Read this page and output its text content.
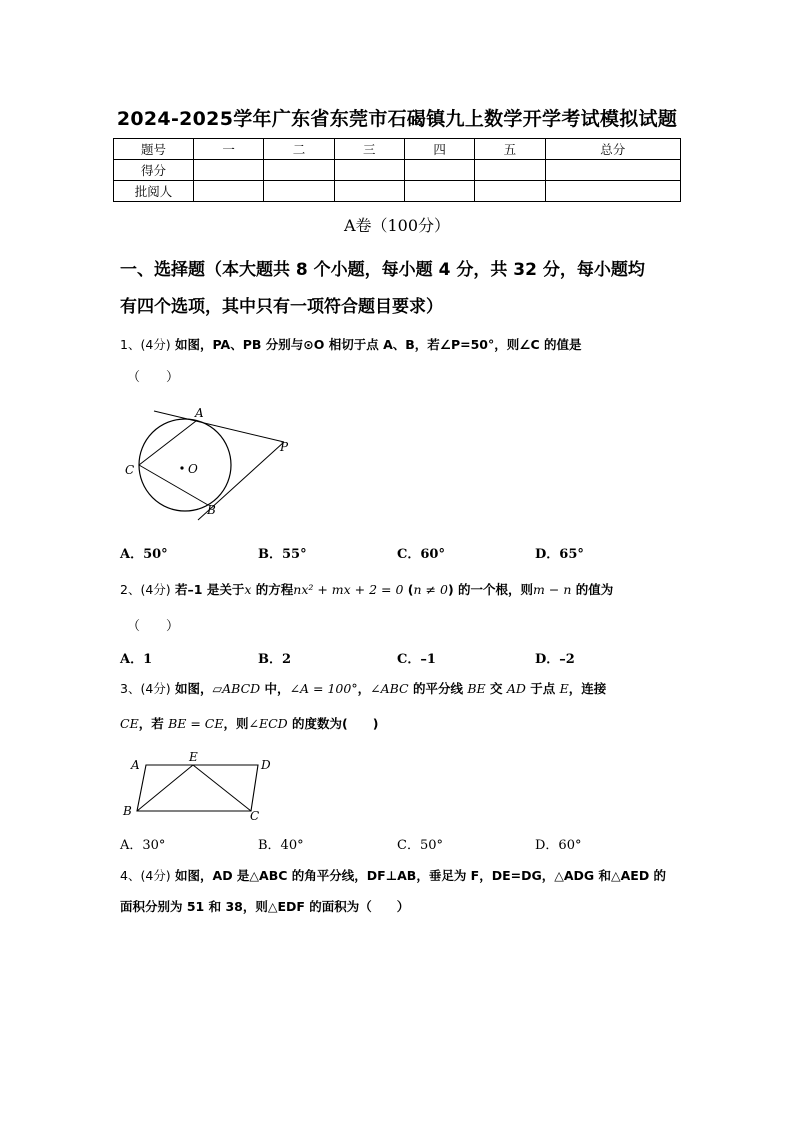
2024-2025学年广东省东莞市石碣镇九上数学开学考试模拟试题
题号	一	二	三	四	五	总分
得分						
批阅人						
A卷（100分）
一、选择题（本大题共 8 个小题，每小题 4 分，共 32 分，每小题均
有四个选项，其中只有一项符合题目要求）
1、(4分) 如图，PA、PB 分别与⊙O 相切于点 A、B，若∠P=50°，则∠C 的值是
（　　）
A
P
C	O
B
A．50°	B．55°	C．60°	D．65°
2、(4分) 若–1 是关于x 的方程nx² + mx + 2 = 0 (n ≠ 0) 的一个根，则m − n 的值为
（　　）
A．1	B．2	C．–1	D．–2
3、(4分) 如图，▱ABCD 中，∠A = 100°，∠ABC 的平分线 BE 交 AD 于点 E，连接
CE，若 BE = CE，则∠ECD 的度数为(　　)
A
E
D
B	C
A．30°	B．40°	C．50°	D．60°
4、(4分) 如图，AD 是△ABC 的角平分线，DF⊥AB，垂足为 F，DE=DG，△ADG 和△AED 的
面积分别为 51 和 38，则△EDF 的面积为（　　）
